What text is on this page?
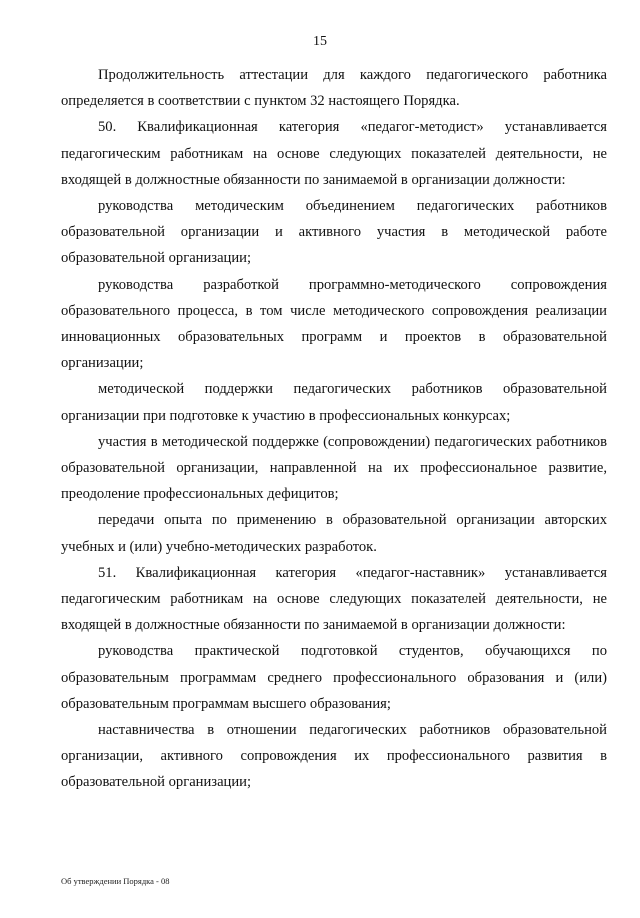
15

Продолжительность аттестации для каждого педагогического работника определяется в соответствии с пунктом 32 настоящего Порядка.

50. Квалификационная категория «педагог-методист» устанавливается педагогическим работникам на основе следующих показателей деятельности, не входящей в должностные обязанности по занимаемой в организации должности:

руководства методическим объединением педагогических работников образовательной организации и активного участия в методической работе образовательной организации;

руководства разработкой программно-методического сопровождения образовательного процесса, в том числе методического сопровождения реализации инновационных образовательных программ и проектов в образовательной организации;

методической поддержки педагогических работников образовательной организации при подготовке к участию в профессиональных конкурсах;

участия в методической поддержке (сопровождении) педагогических работников образовательной организации, направленной на их профессиональное развитие, преодоление профессиональных дефицитов;

передачи опыта по применению в образовательной организации авторских учебных и (или) учебно-методических разработок.

51. Квалификационная категория «педагог-наставник» устанавливается педагогическим работникам на основе следующих показателей деятельности, не входящей в должностные обязанности по занимаемой в организации должности:

руководства практической подготовкой студентов, обучающихся по образовательным программам среднего профессионального образования и (или) образовательным программам высшего образования;

наставничества в отношении педагогических работников образовательной организации, активного сопровождения их профессионального развития в образовательной организации;

Об утверждении Порядка - 08
